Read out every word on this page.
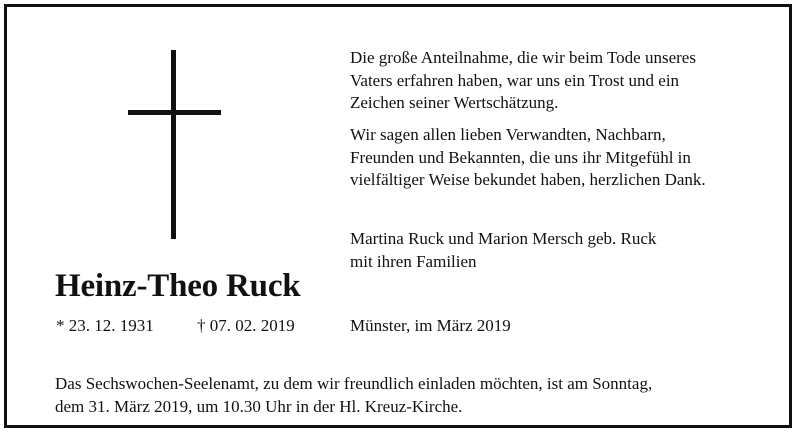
Heinz-Theo Ruck
* 23. 12. 1931	† 07. 02. 2019
Die große Anteilnahme, die wir beim Tode unseres
Vaters erfahren haben, war uns ein Trost und ein
Zeichen seiner Wertschätzung.
Wir sagen allen lieben Verwandten, Nachbarn,
Freunden und Bekannten, die uns ihr Mitgefühl in
vielfältiger Weise bekundet haben, herzlichen Dank.
Martina Ruck und Marion Mersch geb. Ruck
mit ihren Familien
Münster, im März 2019
Das Sechswochen-Seelenamt, zu dem wir freundlich einladen möchten, ist am Sonntag,
dem 31. März 2019, um 10.30 Uhr in der Hl. Kreuz-Kirche.
